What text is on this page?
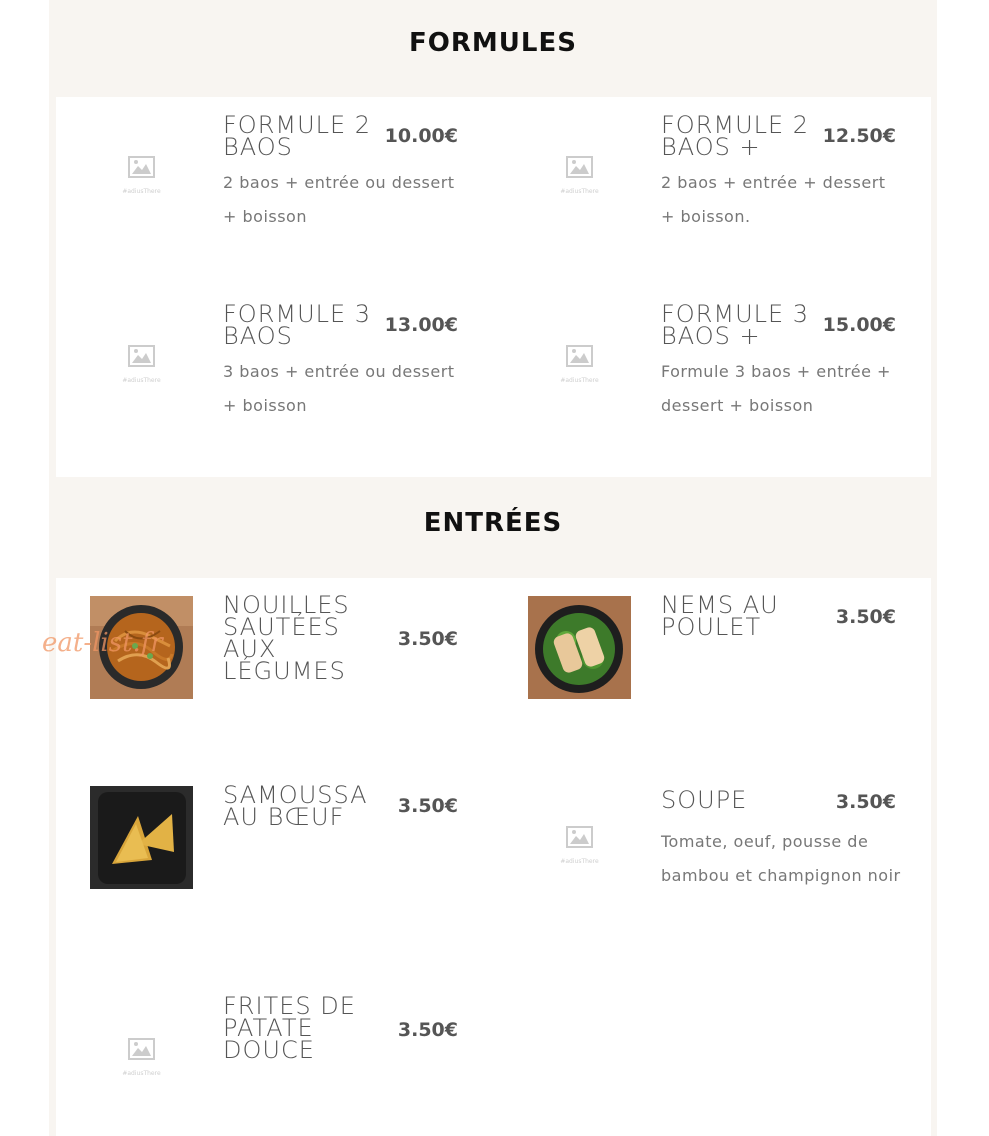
FORMULES
#adiusThere
FORMULE 2 BAOS	10.00€
2 baos + entrée ou dessert + boisson
#adiusThere
FORMULE 2 BAOS +	12.50€
2 baos + entrée + dessert + boisson.
#adiusThere
FORMULE 3 BAOS	13.00€
3 baos + entrée ou dessert + boisson
#adiusThere
FORMULE 3 BAOS +	15.00€
Formule 3 baos + entrée + dessert + boisson
ENTRÉES
NOUILLES SAUTÉES AUX LÉGUMES
3.50€
NEMS AU POULET	3.50€
SAMOUSSA AU BŒUF	3.50€
#adiusThere
SOUPE	3.50€
Tomate, oeuf, pousse de bambou et champignon noir
#adiusThere
FRITES DE PATATE DOUCE
3.50€
eat-list.fr
